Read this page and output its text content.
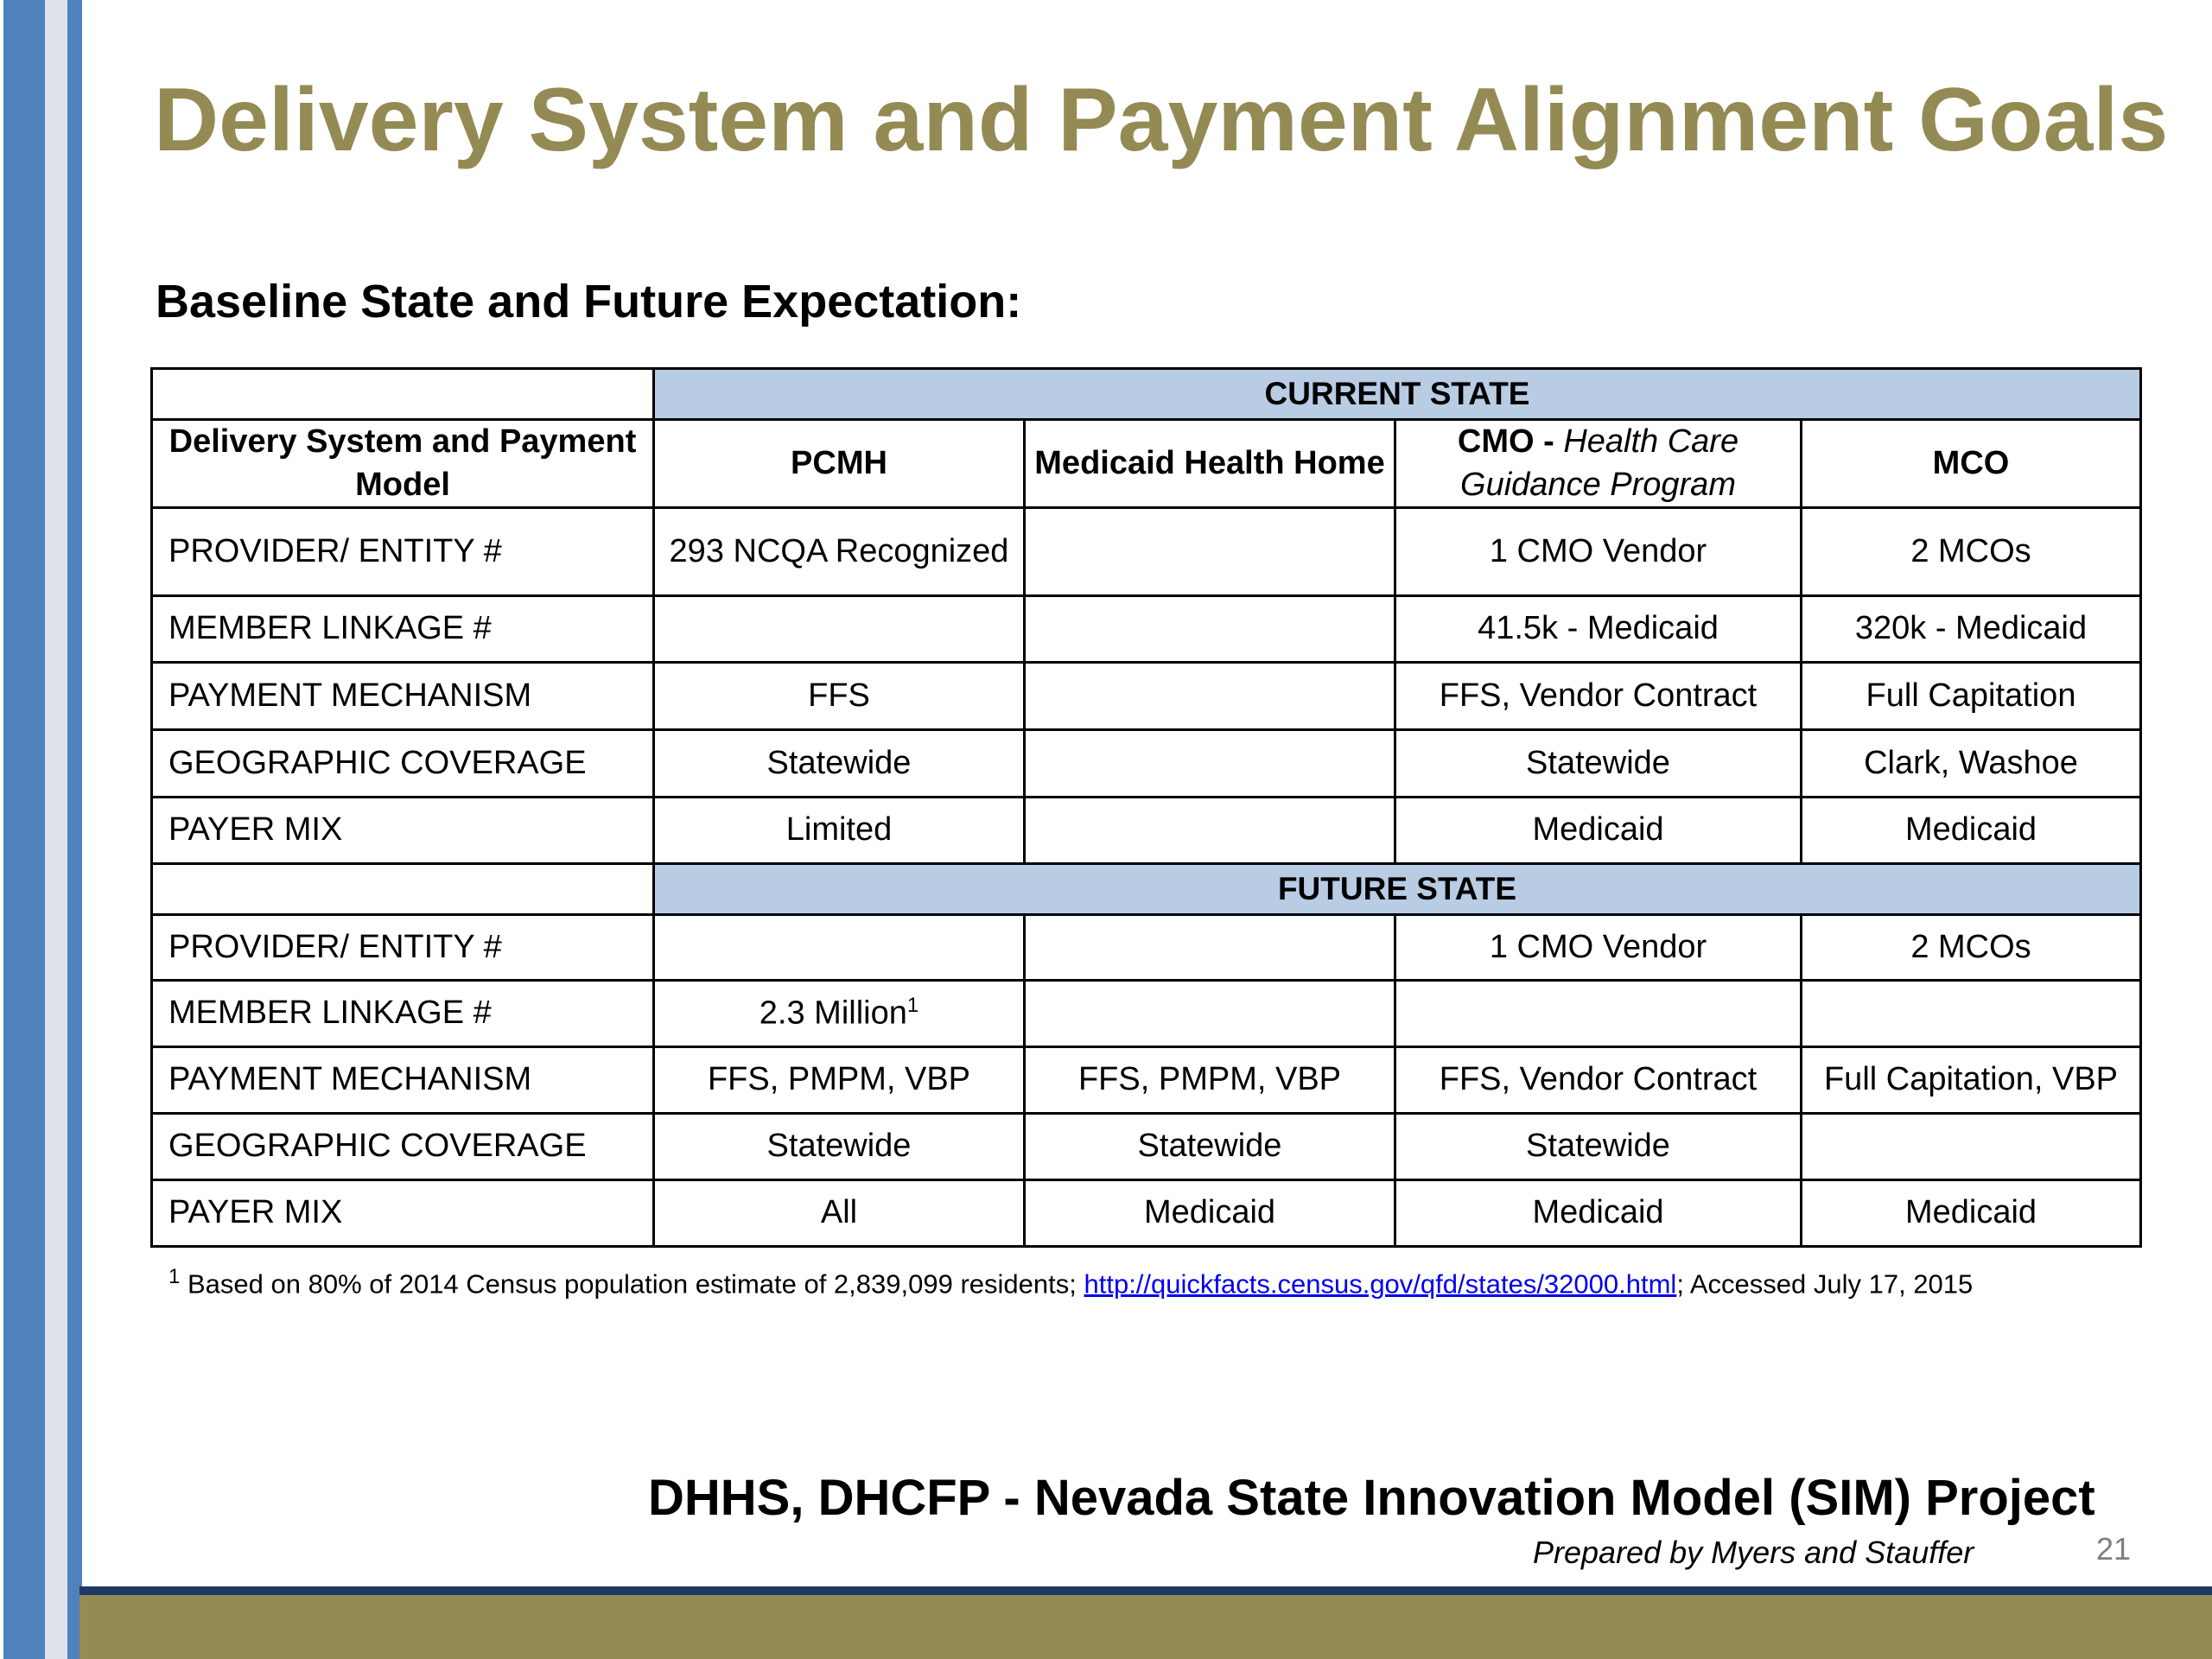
Delivery System and Payment Alignment Goals
Baseline State and Future Expectation:
	CURRENT STATE			
Delivery System and Payment Model	PCMH	Medicaid Health Home	CMO - Health Care Guidance Program	MCO
PROVIDER/ ENTITY #	293 NCQA Recognized		1 CMO Vendor	2 MCOs
MEMBER LINKAGE #			41.5k - Medicaid	320k - Medicaid
PAYMENT MECHANISM	FFS		FFS, Vendor Contract	Full Capitation
GEOGRAPHIC COVERAGE	Statewide		Statewide	Clark, Washoe
PAYER MIX	Limited		Medicaid	Medicaid
	FUTURE STATE			
PROVIDER/ ENTITY #			1 CMO Vendor	2 MCOs
MEMBER LINKAGE #	2.3 Million$^1$			
PAYMENT MECHANISM	FFS, PMPM, VBP	FFS, PMPM, VBP	FFS, Vendor Contract	Full Capitation, VBP
GEOGRAPHIC COVERAGE	Statewide	Statewide	Statewide	
PAYER MIX	All	Medicaid	Medicaid	Medicaid
$^1$ Based on 80% of 2014 Census population estimate of 2,839,099 residents; http://quickfacts.census.gov/qfd/states/32000.html; Accessed July 17, 2015
DHHS, DHCFP - Nevada State Innovation Model (SIM) Project
Prepared by Myers and Stauffer	21
